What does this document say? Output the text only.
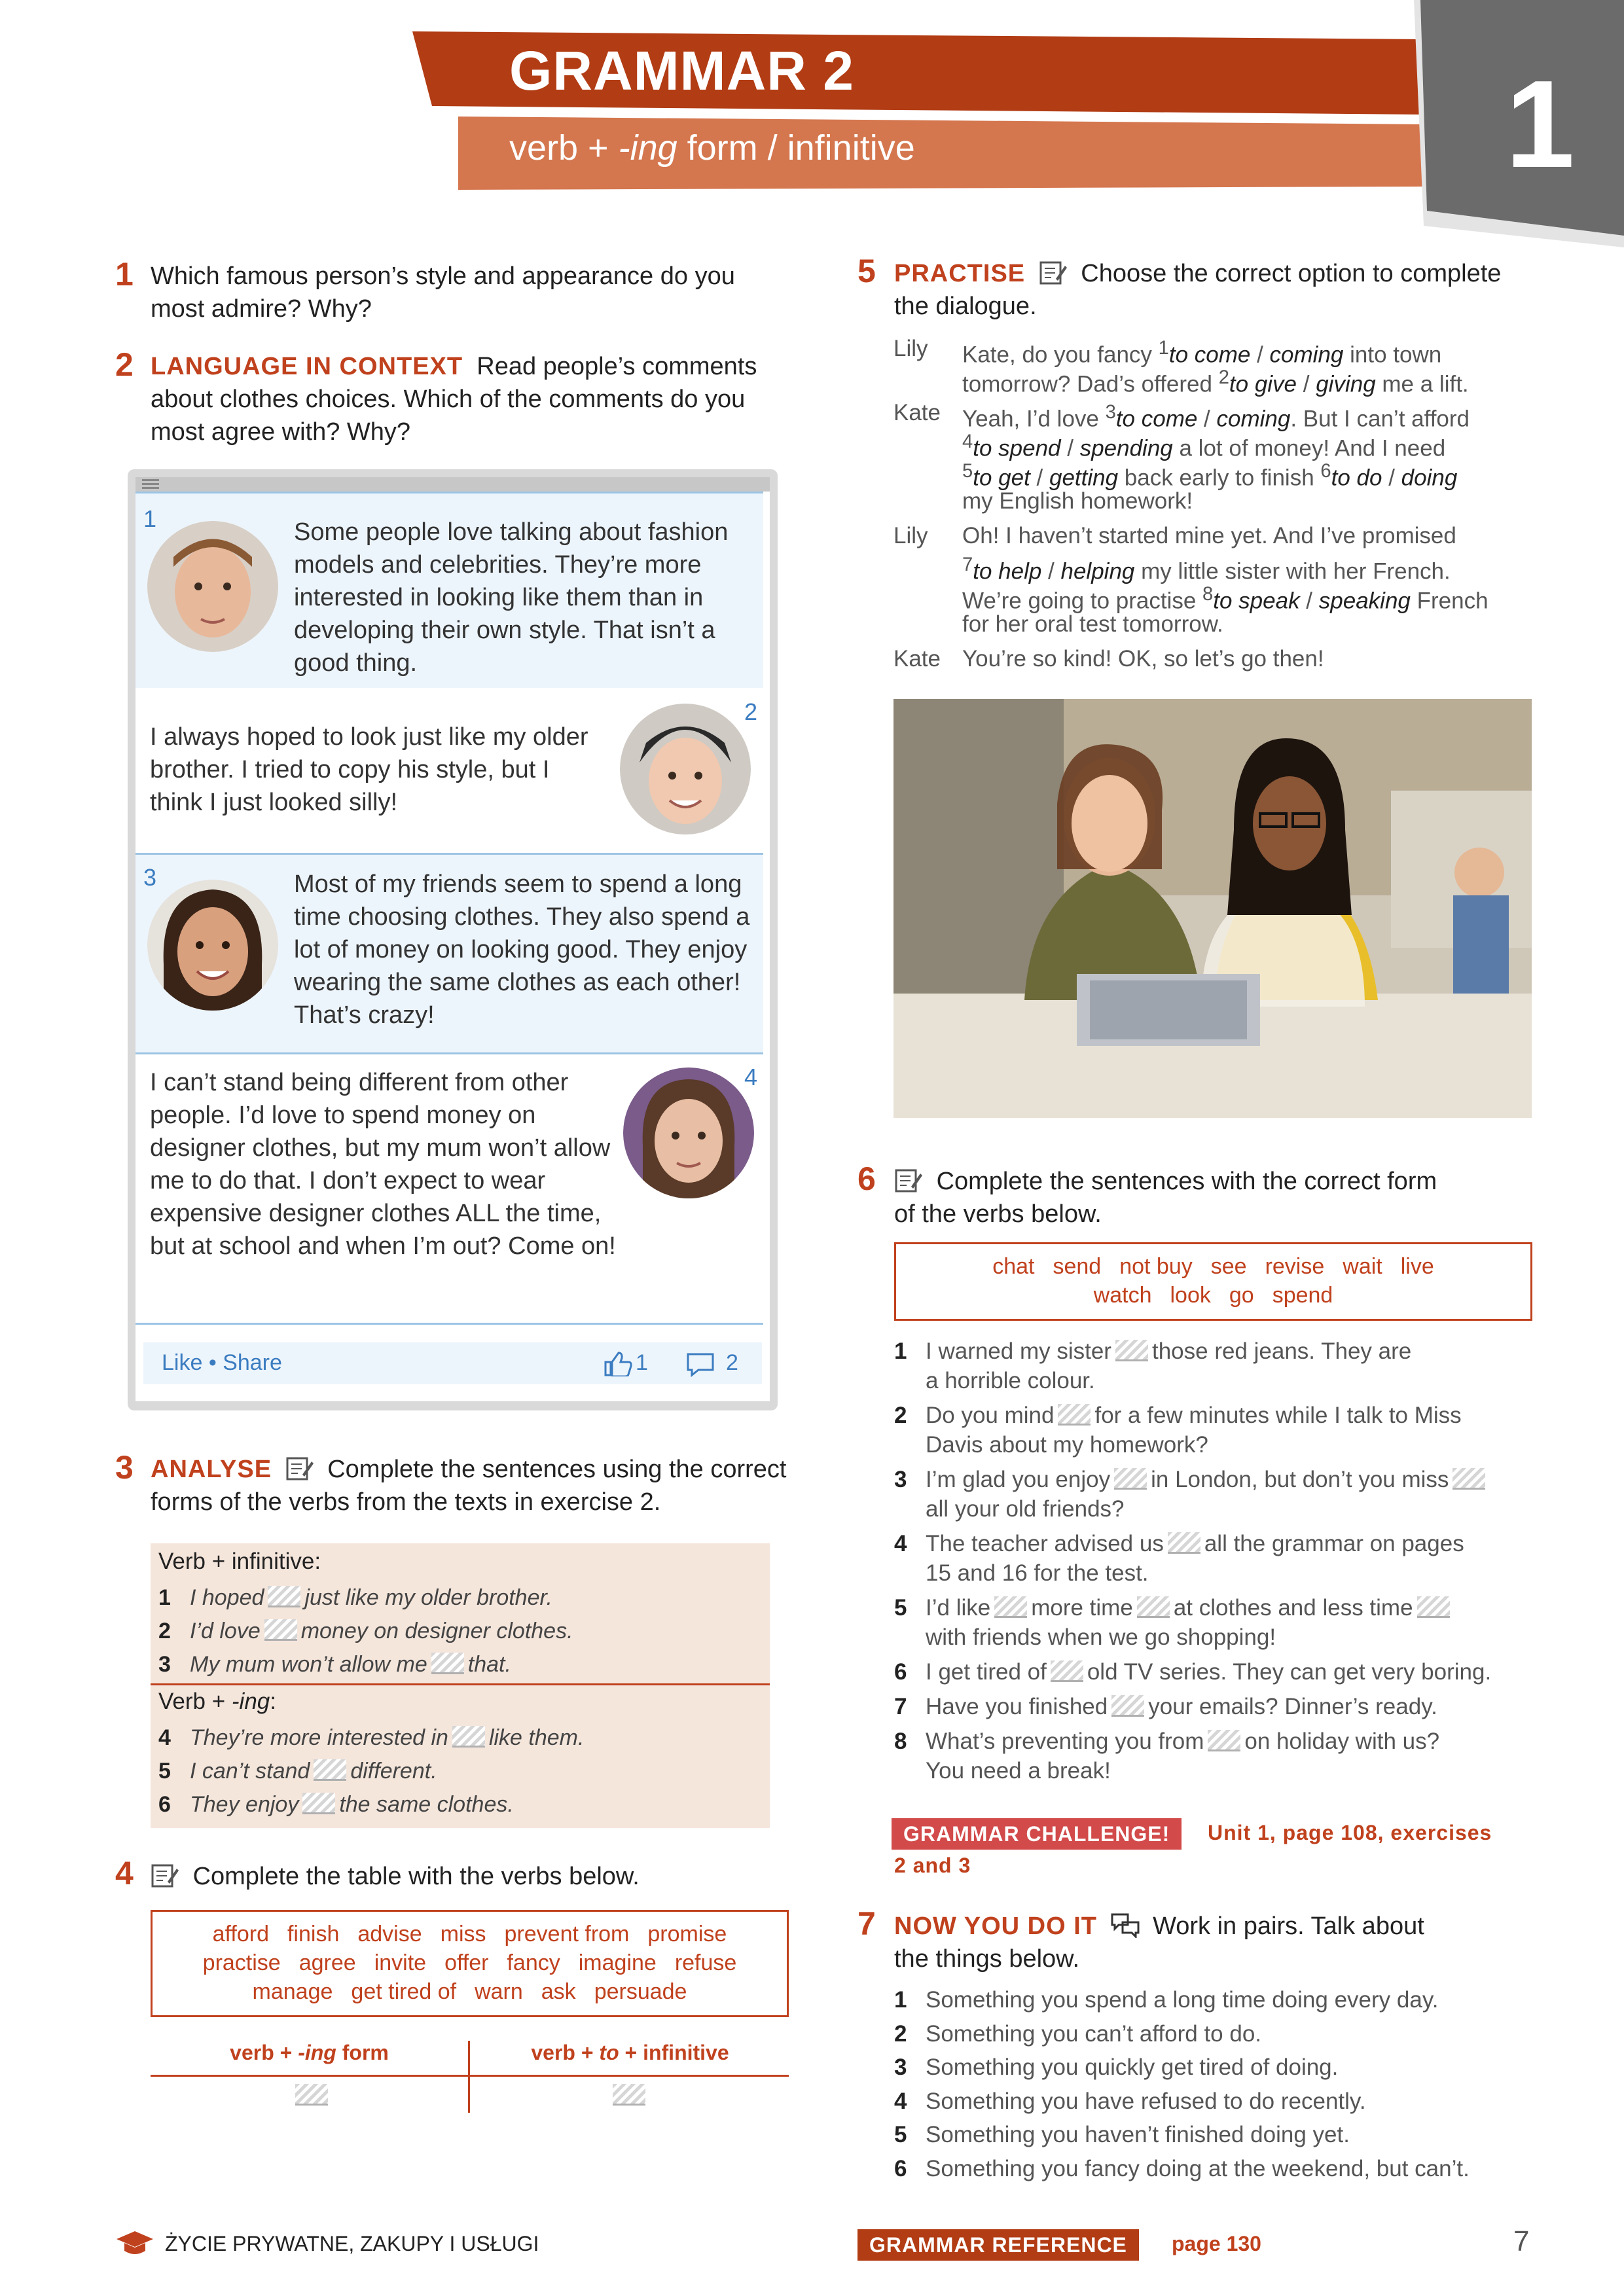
GRAMMAR 2
verb + -ing form / infinitive	1
1 Which famous person’s style and appearance do you most admire? Why?
2 LANGUAGE IN CONTEXT Read people’s comments about clothes choices. Which of the comments do you most agree with? Why?
1	Some people love talking about fashion models and celebrities. They’re more interested in looking like them than in developing their own style. That isn’t a good thing.
2
I always hoped to look just like my older brother. I tried to copy his style, but I think I just looked silly!
3	Most of my friends seem to spend a long time choosing clothes. They also spend a lot of money on looking good. They enjoy wearing the same clothes as each other! That’s crazy!
4
I can’t stand being different from other people. I’d love to spend money on designer clothes, but my mum won’t allow me to do that. I don’t expect to wear expensive designer clothes ALL the time, but at school and when I’m out? Come on!
Like • Share	1	2
3 ANALYSE Complete the sentences using the correct forms of the verbs from the texts in exercise 2.
Verb + infinitive:
1 I hoped just like my older brother.
2 I’d love money on designer clothes.
3 My mum won’t allow me that.
Verb + -ing:
4 They’re more interested in like them.
5 I can’t stand different.
6 They enjoy the same clothes.
4	Complete the table with the verbs below.
afford finish advise miss prevent from promise
practise agree invite offer fancy imagine refuse
manage get tired of warn ask persuade
verb + -ing form	verb + to + infinitive
ŻYCIE PRYWATNE, ZAKUPY I USŁUGI
5 PRACTISE Choose the correct option to complete
the dialogue.
Lily Kate, do you fancy $^1$to come / coming into town
tomorrow? Dad’s offered $^2$to give / giving me a lift.
Kate Yeah, I’d love $^3$to come / coming. But I can’t afford
$^4$to spend / spending a lot of money! And I need
$^5$to get / getting back early to finish $^6$to do / doing
my English homework!
Lily Oh! I haven’t started mine yet. And I’ve promised
$^7$to help / helping my little sister with her French.
We’re going to practise $^8$to speak / speaking French
for her oral test tomorrow.
Kate You’re so kind! OK, so let’s go then!
6	Complete the sentences with the correct form
of the verbs below.
chat send not buy see revise wait live
watch look go spend
1 I warned my sister those red jeans. They are
a horrible colour.
2 Do you mind for a few minutes while I talk to Miss
Davis about my homework?
3 I’m glad you enjoy in London, but don’t you miss
all your old friends?
4 The teacher advised us all the grammar on pages
15 and 16 for the test.
5 I’d like more time at clothes and less time
with friends when we go shopping!
6 I get tired of old TV series. They can get very boring.
7 Have you finished your emails? Dinner’s ready.
8 What’s preventing you from on holiday with us?
You need a break!
GRAMMAR CHALLENGE!	Unit 1, page 108, exercises
2 and 3
7 NOW YOU DO IT Work in pairs. Talk about
the things below.
1 Something you spend a long time doing every day.
2 Something you can’t afford to do.
3 Something you quickly get tired of doing.
4 Something you have refused to do recently.
5 Something you haven’t finished doing yet.
6 Something you fancy doing at the weekend, but can’t.
GRAMMAR REFERENCE	page 130	7
